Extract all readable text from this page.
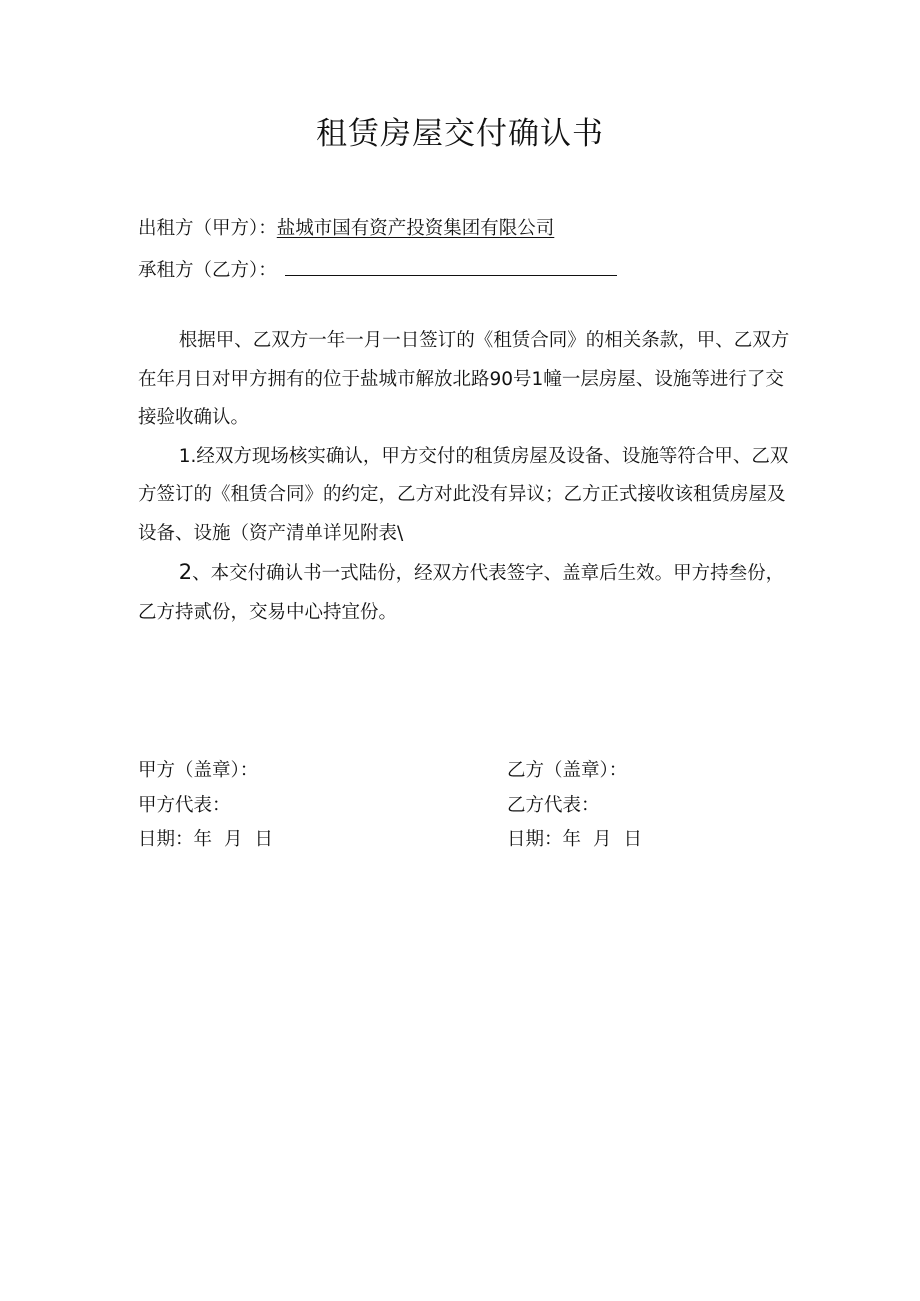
租赁房屋交付确认书
出租方（甲方）：盐城市国有资产投资集团有限公司
承租方（乙方）：

根据甲、乙双方一年一月一日签订的《租赁合同》的相关条款，甲、乙双方在年月日对甲方拥有的位于盐城市解放北路90号1幢一层房屋、设施等进行了交接验收确认。

1.经双方现场核实确认，甲方交付的租赁房屋及设备、设施等符合甲、乙双方签订的《租赁合同》的约定，乙方对此没有异议；乙方正式接收该租赁房屋及设备、设施（资产清单详见附表\

2、本交付确认书一式陆份，经双方代表签字、盖章后生效。甲方持叁份，乙方持贰份，交易中心持宜份。

甲方（盖章）：
甲方代表：
日期：年 月 日
乙方（盖章）：
乙方代表：
日期：年 月 日
